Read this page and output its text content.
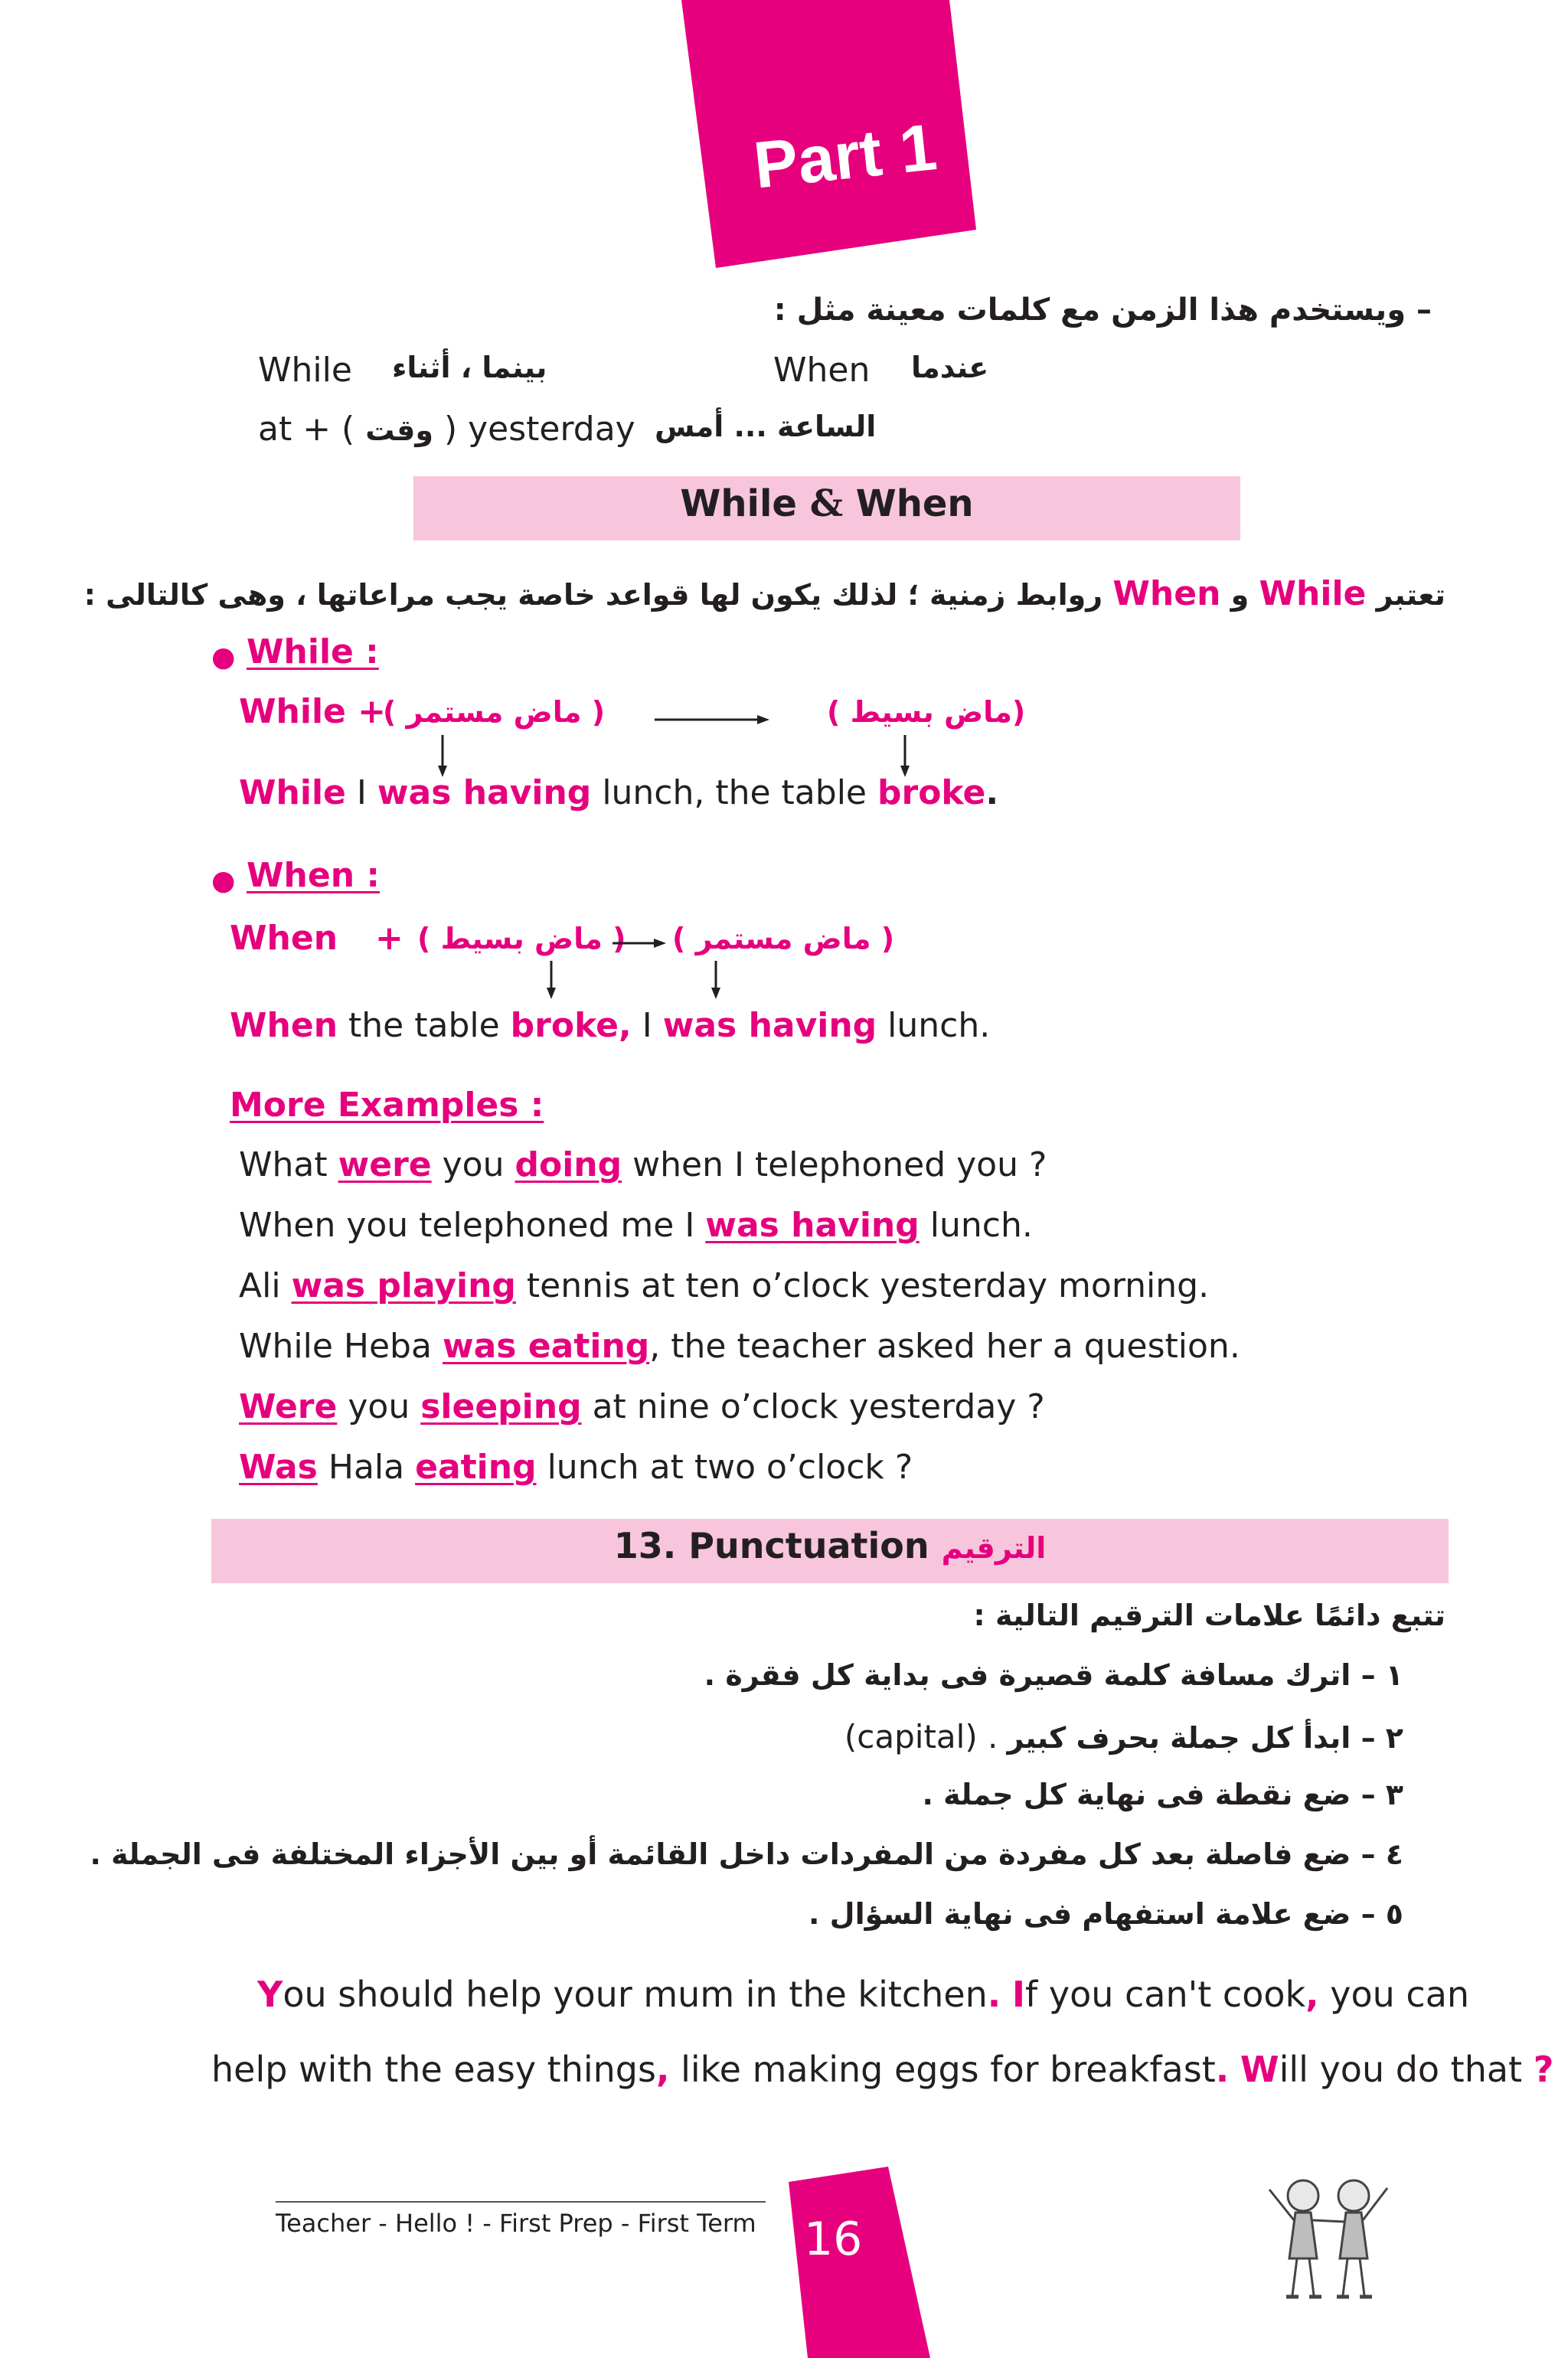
Part 1
– ويستخدم هذا الزمن مع كلمات معينة مثل :
While بينما ، أثناء	When عندما
at + ( وقت ) yesterday الساعة ... أمس
While & When
تعتبر While و When روابط زمنية ؛ لذلك يكون لها قواعد خاصة يجب مراعاتها ، وهى كالتالى :
● While :
While +
( ماض مستمر )	(ماض بسيط )
While I was having lunch, the table broke.
● When :
When + ( ماض بسيط ) ( ماض مستمر )
When the table broke, I was having lunch.
More Examples :
What were you doing when I telephoned you ?
When you telephoned me I was having lunch.
Ali was playing tennis at ten o’clock yesterday morning.
While Heba was eating, the teacher asked her a question.
Were you sleeping at nine o’clock yesterday ?
Was Hala eating lunch at two o’clock ?
13. Punctuation الترقيم
تتبع دائمًا علامات الترقيم التالية :
١ – اترك مسافة كلمة قصيرة فى بداية كل فقرة .
٢ – ابدأ كل جملة بحرف كبير (capital) .
٣ – ضع نقطة فى نهاية كل جملة .
٤ – ضع فاصلة بعد كل مفردة من المفردات داخل القائمة أو بين الأجزاء المختلفة فى الجملة .
٥ – ضع علامة استفهام فى نهاية السؤال .
You should help your mum in the kitchen. If you can't cook, you can
help with the easy things, like making eggs for breakfast. Will you do that ?
Teacher - Hello ! - First Prep - First Term 16
